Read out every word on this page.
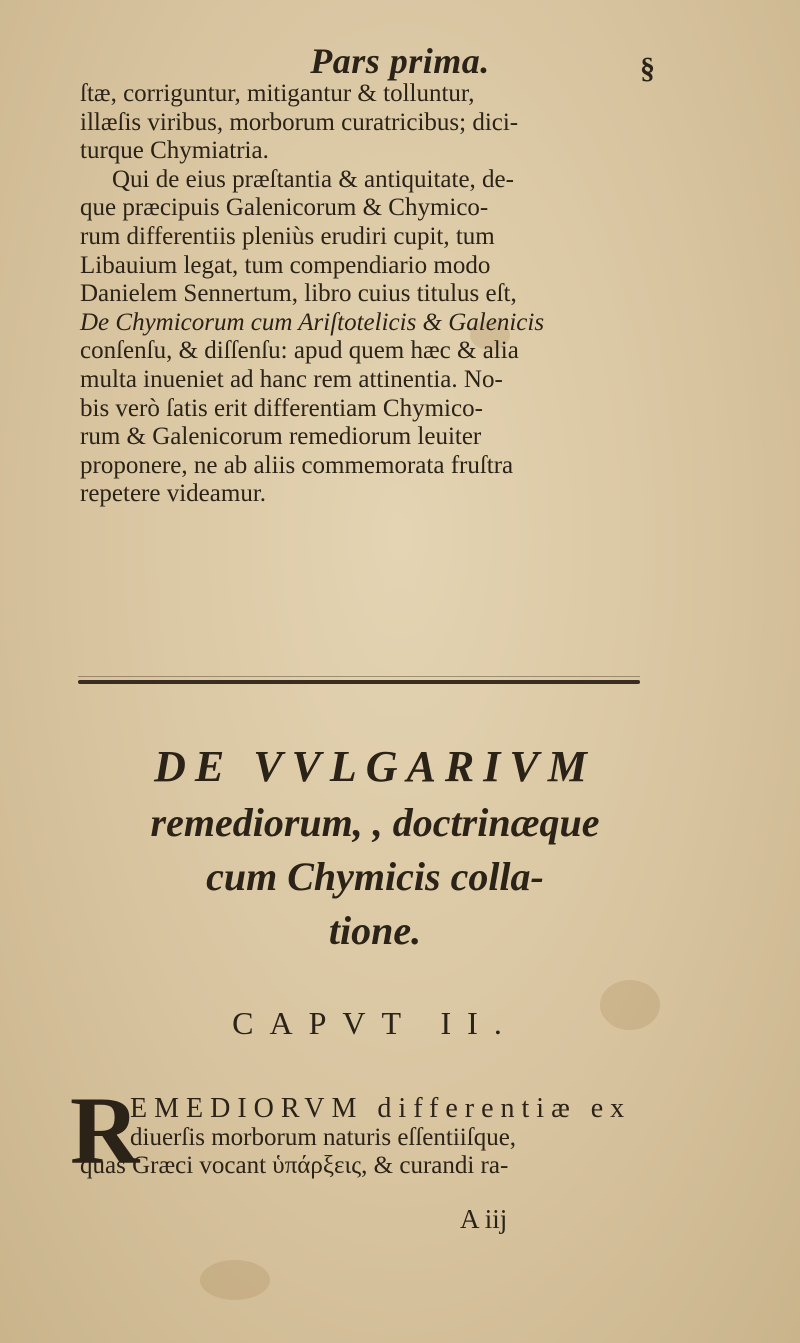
Pars prima.	§

ſtæ, corriguntur, mitigantur & tolluntur,

illæſis viribus, morborum curatricibus; dici-

turque Chymiatria.

Qui de eius præſtantia & antiquitate, de-

que præcipuis Galenicorum & Chymico-

rum differentiis pleniùs erudiri cupit, tum

Libauium legat, tum compendiario modo

Danielem Sennertum, libro cuius titulus eſt,

De Chymicorum cum Ariſtotelicis & Galenicis

conſenſu, & diſſenſu: apud quem hæc & alia

multa inueniet ad hanc rem attinentia. No-

bis verò ſatis erit differentiam Chymico-

rum & Galenicorum remediorum leuiter

proponere, ne ab aliis commemorata fruſtra

repetere videamur.

DE VVLGARIVM
remediorum, , doctrinæque
cum Chymicis colla-
tione.
CAPVT II.
R

EMEDIORVM differentiæ ex

diuerſis morborum naturis eſſentiiſque,

quas Græci vocant ὑπάρξεις, & curandi ra-
A iij
